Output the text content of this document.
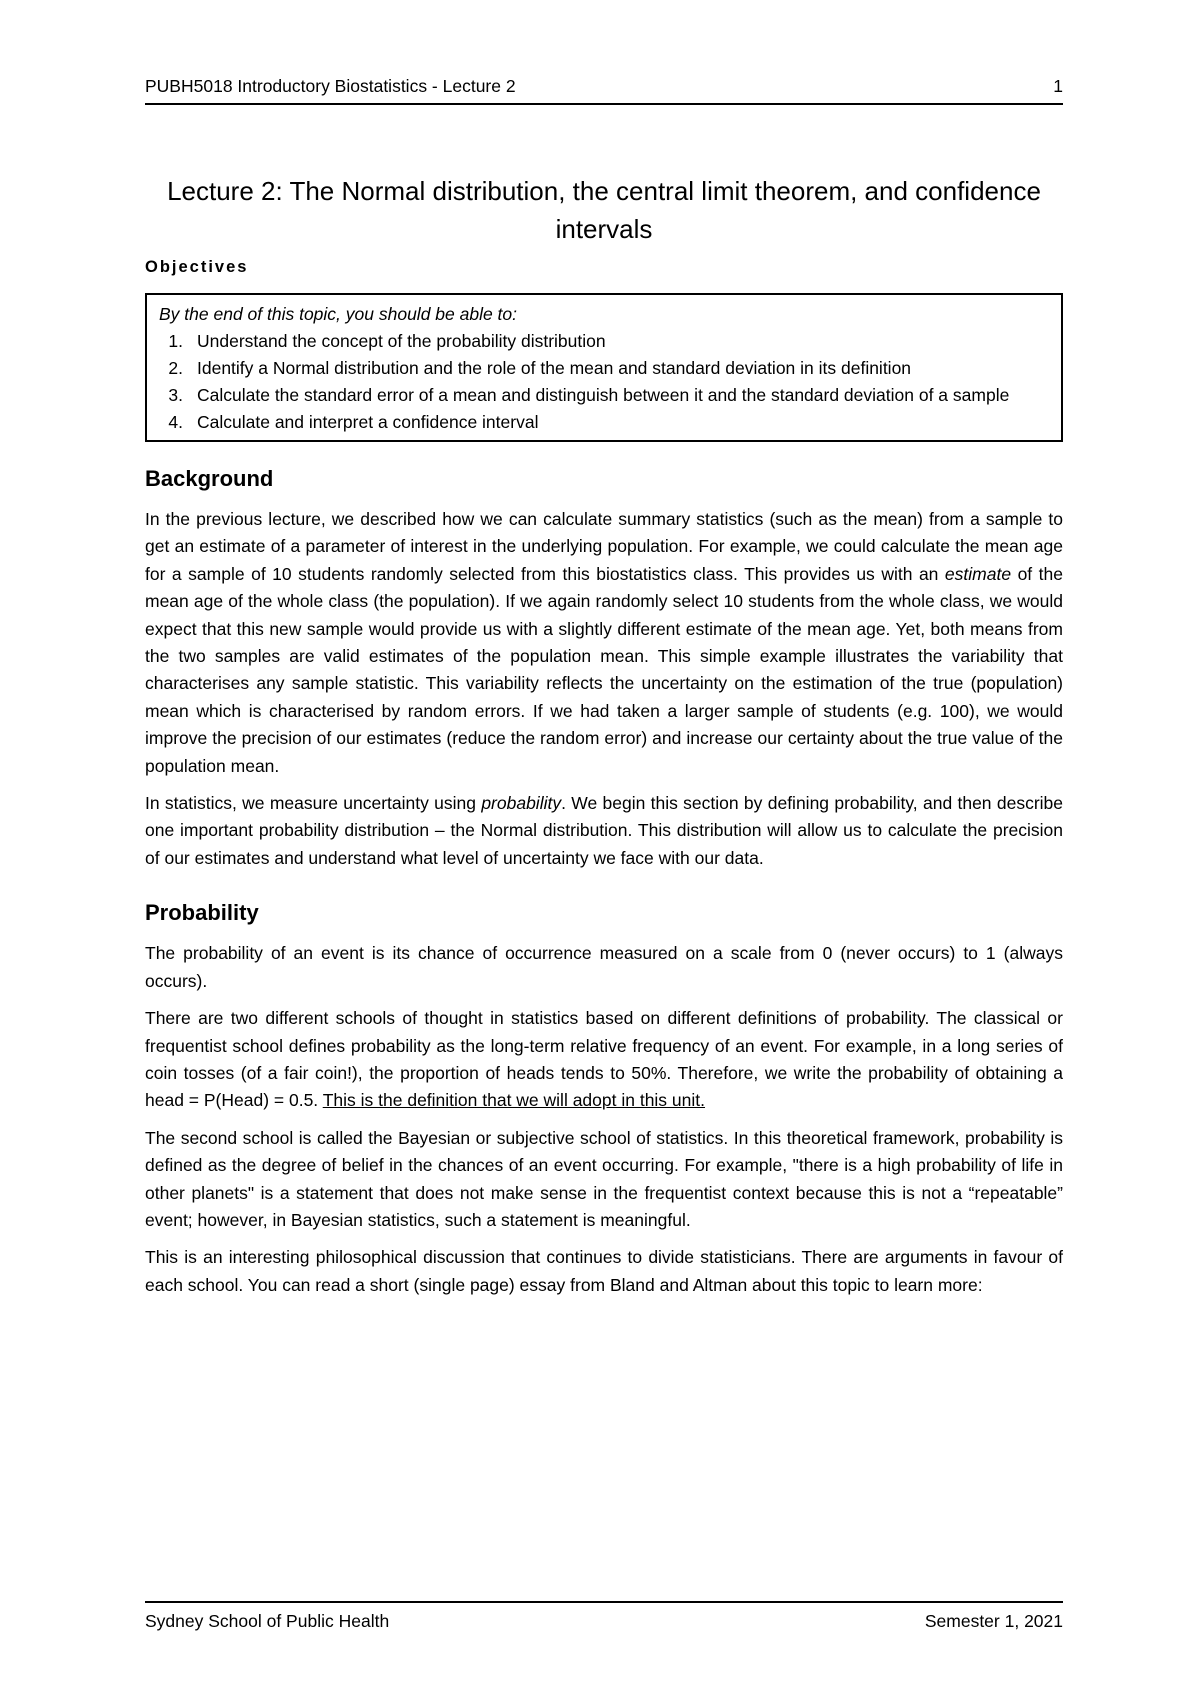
PUBH5018 Introductory Biostatistics - Lecture 2	1
Lecture 2: The Normal distribution, the central limit theorem, and confidence intervals
Objectives
By the end of this topic, you should be able to:
1. Understand the concept of the probability distribution
2. Identify a Normal distribution and the role of the mean and standard deviation in its definition
3. Calculate the standard error of a mean and distinguish between it and the standard deviation of a sample
4. Calculate and interpret a confidence interval
Background

In the previous lecture, we described how we can calculate summary statistics (such as the mean) from a sample to get an estimate of a parameter of interest in the underlying population. For example, we could calculate the mean age for a sample of 10 students randomly selected from this biostatistics class. This provides us with an estimate of the mean age of the whole class (the population). If we again randomly select 10 students from the whole class, we would expect that this new sample would provide us with a slightly different estimate of the mean age. Yet, both means from the two samples are valid estimates of the population mean. This simple example illustrates the variability that characterises any sample statistic. This variability reflects the uncertainty on the estimation of the true (population) mean which is characterised by random errors. If we had taken a larger sample of students (e.g. 100), we would improve the precision of our estimates (reduce the random error) and increase our certainty about the true value of the population mean.

In statistics, we measure uncertainty using probability. We begin this section by defining probability, and then describe one important probability distribution – the Normal distribution. This distribution will allow us to calculate the precision of our estimates and understand what level of uncertainty we face with our data.

Probability

The probability of an event is its chance of occurrence measured on a scale from 0 (never occurs) to 1 (always occurs).

There are two different schools of thought in statistics based on different definitions of probability. The classical or frequentist school defines probability as the long-term relative frequency of an event. For example, in a long series of coin tosses (of a fair coin!), the proportion of heads tends to 50%. Therefore, we write the probability of obtaining a head = P(Head) = 0.5. This is the definition that we will adopt in this unit.

The second school is called the Bayesian or subjective school of statistics. In this theoretical framework, probability is defined as the degree of belief in the chances of an event occurring. For example, "there is a high probability of life in other planets" is a statement that does not make sense in the frequentist context because this is not a “repeatable” event; however, in Bayesian statistics, such a statement is meaningful.

This is an interesting philosophical discussion that continues to divide statisticians. There are arguments in favour of each school. You can read a short (single page) essay from Bland and Altman about this topic to learn more:

Sydney School of Public Health	Semester 1, 2021
